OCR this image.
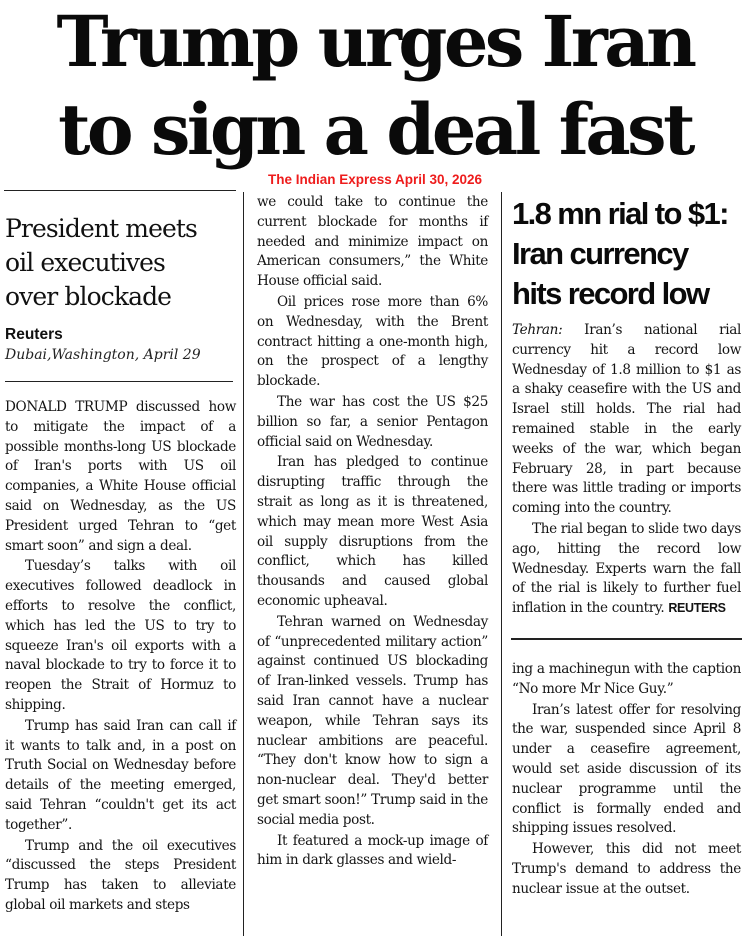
Trump urges Iran
to sign a deal fast
The Indian Express April 30, 2026
President meets
oil executives
over blockade

Reuters

Dubai,Washington, April 29

DONALD TRUMP discussed how to mitigate the impact of a possible months-long US blockade of Iran's ports with US oil companies, a White House official said on Wednesday, as the US President urged Tehran to “get smart soon” and sign a deal.

Tuesday’s talks with oil executives followed deadlock in efforts to resolve the conflict, which has led the US to try to squeeze Iran's oil exports with a naval blockade to try to force it to reopen the Strait of Hormuz to shipping.

Trump has said Iran can call if it wants to talk and, in a post on Truth Social on Wednesday before details of the meeting emerged, said Tehran “couldn't get its act together”.

Trump and the oil executives “discussed the steps President Trump has taken to alleviate global oil markets and steps

we could take to continue the current blockade for months if needed and minimize impact on American consumers,” the White House official said.

Oil prices rose more than 6% on Wednesday, with the Brent contract hitting a one-month high, on the prospect of a lengthy blockade.

The war has cost the US $25 billion so far, a senior Pentagon official said on Wednesday.

Iran has pledged to continue disrupting traffic through the strait as long as it is threatened, which may mean more West Asia oil supply disruptions from the conflict, which has killed thousands and caused global economic upheaval.

Tehran warned on Wednesday of “unprecedented military action” against continued US blockading of Iran-linked vessels. Trump has said Iran cannot have a nuclear weapon, while Tehran says its nuclear ambitions are peaceful. “They don't know how to sign a non-nuclear deal. They'd better get smart soon!” Trump said in the social media post.

It featured a mock-up image of him in dark glasses and wield-

1.8 mn rial to $1:
Iran currency
hits record low

Tehran: Iran’s national rial currency hit a record low Wednesday of 1.8 million to $1 as a shaky ceasefire with the US and Israel still holds. The rial had remained stable in the early weeks of the war, which began February 28, in part because there was little trading or imports coming into the country.

The rial began to slide two days ago, hitting the record low Wednesday. Experts warn the fall of the rial is likely to further fuel inflation in the country. REUTERS

ing a machinegun with the caption “No more Mr Nice Guy.”

Iran’s latest offer for resolving the war, suspended since April 8 under a ceasefire agreement, would set aside discussion of its nuclear programme until the conflict is formally ended and shipping issues resolved.

However, this did not meet Trump's demand to address the nuclear issue at the outset.
